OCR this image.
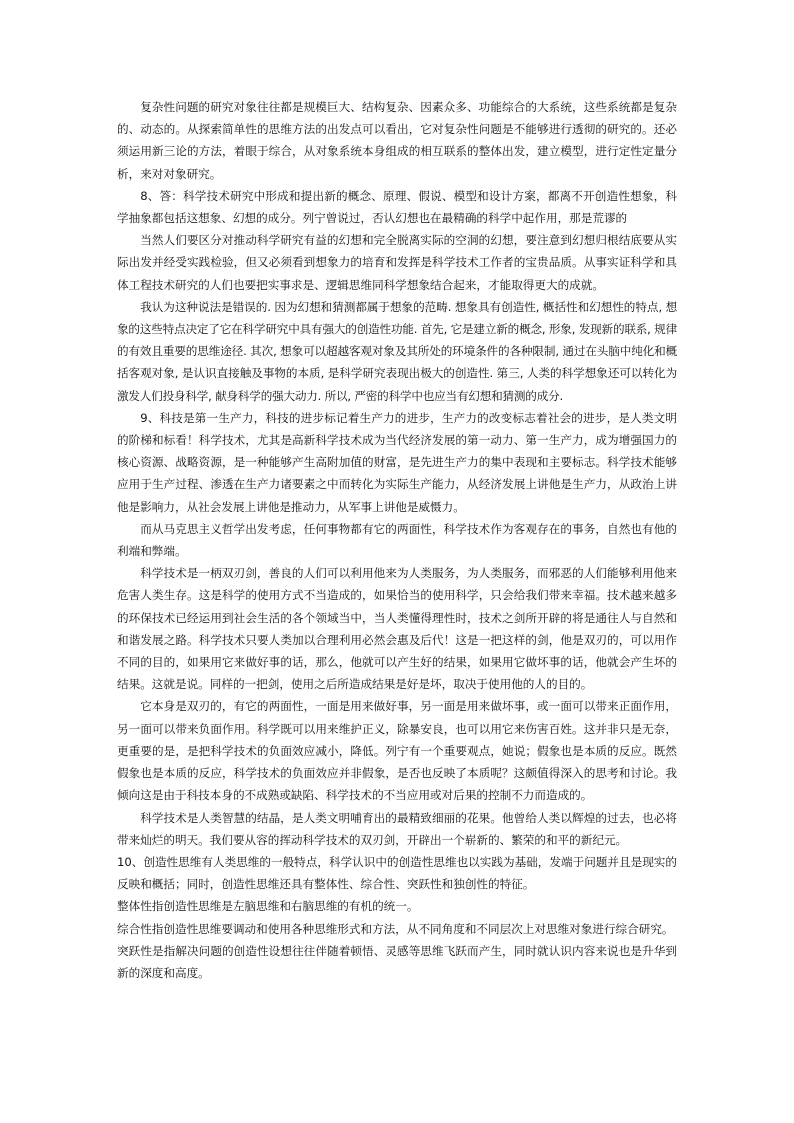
复杂性问题的研究对象往往都是规模巨大、结构复杂、因素众多、功能综合的大系统，这些系统都是复杂的、动态的。从探索简单性的思维方法的出发点可以看出，它对复杂性问题是不能够进行透彻的研究的。还必须运用新三论的方法，着眼于综合，从对象系统本身组成的相互联系的整体出发，建立模型，进行定性定量分析，来对对象研究。

8、答：科学技术研究中形成和提出新的概念、原理、假说、模型和设计方案，都离不开创造性想象，科学抽象都包括这想象、幻想的成分。列宁曾说过，否认幻想也在最精确的科学中起作用，那是荒谬的

当然人们要区分对推动科学研究有益的幻想和完全脱离实际的空洞的幻想，要注意到幻想归根结底要从实际出发并经受实践检验，但又必须看到想象力的培育和发挥是科学技术工作者的宝贵品质。从事实证科学和具体工程技术研究的人们也要把实事求是、逻辑思维同科学想象结合起来，才能取得更大的成就。

我认为这种说法是错误的. 因为幻想和猜测都属于想象的范畴. 想象具有创造性, 概括性和幻想性的特点, 想象的这些特点决定了它在科学研究中具有强大的创造性功能. 首先, 它是建立新的概念, 形象, 发现新的联系, 规律的有效且重要的思维途径. 其次, 想象可以超越客观对象及其所处的环境条件的各种限制, 通过在头脑中纯化和概括客观对象, 是认识直接触及事物的本质, 是科学研究表现出极大的创造性. 第三, 人类的科学想象还可以转化为激发人们投身科学, 献身科学的强大动力. 所以, 严密的科学中也应当有幻想和猜测的成分.

9、科技是第一生产力，科技的进步标记着生产力的进步，生产力的改变标志着社会的进步，是人类文明的阶梯和标看！科学技术，尤其是高新科学技术成为当代经济发展的第一动力、第一生产力，成为增强国力的核心资源、战略资源，是一种能够产生高附加值的财富，是先进生产力的集中表现和主要标志。科学技术能够应用于生产过程、渗透在生产力诸要素之中而转化为实际生产能力，从经济发展上讲他是生产力，从政治上讲他是影响力，从社会发展上讲他是推动力，从军事上讲他是威慑力。

而从马克思主义哲学出发考虑，任何事物都有它的两面性，科学技术作为客观存在的事务，自然也有他的利端和弊端。

科学技术是一柄双刃剑，善良的人们可以利用他来为人类服务，为人类服务，而邪恶的人们能够利用他来危害人类生存。这是科学的使用方式不当造成的，如果恰当的使用科学，只会给我们带来幸福。技术越来越多的环保技术已经运用到社会生活的各个领域当中，当人类懂得理性时，技术之剑所开辟的将是通往人与自然和和谐发展之路。科学技术只要人类加以合理利用必然会惠及后代！这是一把这样的剑，他是双刃的，可以用作不同的目的，如果用它来做好事的话，那么，他就可以产生好的结果，如果用它做坏事的话，他就会产生坏的结果。这就是说。同样的一把剑，使用之后所造成结果是好是坏，取决于使用他的人的目的。

它本身是双刃的，有它的两面性，一面是用来做好事，另一面是用来做坏事，或一面可以带来正面作用，另一面可以带来负面作用。科学既可以用来维护正义，除暴安良，也可以用它来伤害百姓。这并非只是无奈，更重要的是，是把科学技术的负面效应减小，降低。列宁有一个重要观点，她说；假象也是本质的反应。既然假象也是本质的反应，科学技术的负面效应并非假象，是否也反映了本质呢？这颇值得深入的思考和讨论。我倾向这是由于科技本身的不成熟或缺陷、科学技术的不当应用或对后果的控制不力而造成的。

科学技术是人类智慧的结晶，是人类文明哺育出的最精致细丽的花果。他曾给人类以辉煌的过去，也必将带来灿烂的明天。我们要从容的挥动科学技术的双刃剑，开辟出一个崭新的、繁荣的和平的新纪元。

10、创造性思维有人类思维的一般特点，科学认识中的创造性思维也以实践为基础，发端于问题并且是现实的反映和概括；同时，创造性思维还具有整体性、综合性、突跃性和独创性的特征。

整体性指创造性思维是左脑思维和右脑思维的有机的统一。

综合性指创造性思维要调动和使用各种思维形式和方法，从不同角度和不同层次上对思维对象进行综合研究。

突跃性是指解决问题的创造性设想往往伴随着顿悟、灵感等思维飞跃而产生，同时就认识内容来说也是升华到新的深度和高度。
